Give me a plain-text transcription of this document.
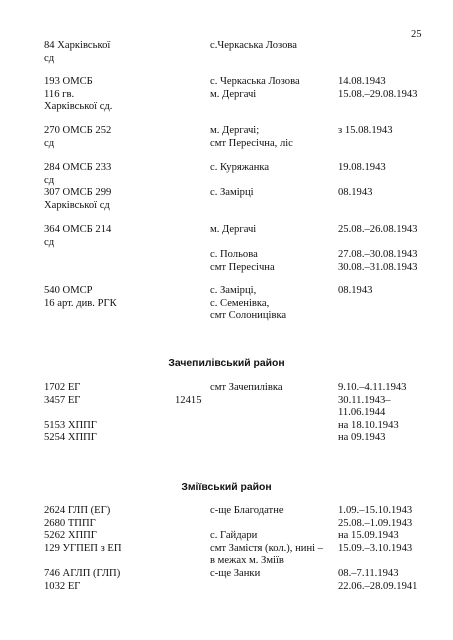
25
84 Харківської
сд
с.Черкаська Лозова
193 ОМСБ
116 гв.
Харківської сд.
с. Черкаська Лозова
м. Дергачі
14.08.1943
15.08.–29.08.1943
270 ОМСБ 252
сд
м. Дергачі;
смт Пересічна, ліс
з 15.08.1943
284 ОМСБ 233
сд
307 ОМСБ 299
Харківської сд
с. Куряжанка

с. Замірці
19.08.1943

08.1943
364 ОМСБ 214
сд
м. Дергачі

с. Польова
смт Пересічна
25.08.–26.08.1943

27.08.–30.08.1943
30.08.–31.08.1943
540 ОМСР
16 арт. див. РГК
с. Замірці,
с. Семенівка,
смт Солоницівка
08.1943
Зачепилівський район
1702 ЕГ
3457 ЕГ

5153 ХППГ
5254 ХППГ

12415
смт Зачепилівка	9.10.–4.11.1943
30.11.1943–
11.06.1944
на 18.10.1943
на 09.1943
Зміївський район
2624 ГЛП (ЕГ)
2680 ТППГ
5262 ХППГ
129 УГПЕП з ЕП

746 АГЛП (ГЛП)
1032 ЕГ
с-ще Благодатне

с. Гайдари
смт Замістя (кол.), нині –
в межах м. Зміїв
с-ще Занки
1.09.–15.10.1943
25.08.–1.09.1943
на 15.09.1943
15.09.–3.10.1943

08.–7.11.1943
22.06.–28.09.1941
